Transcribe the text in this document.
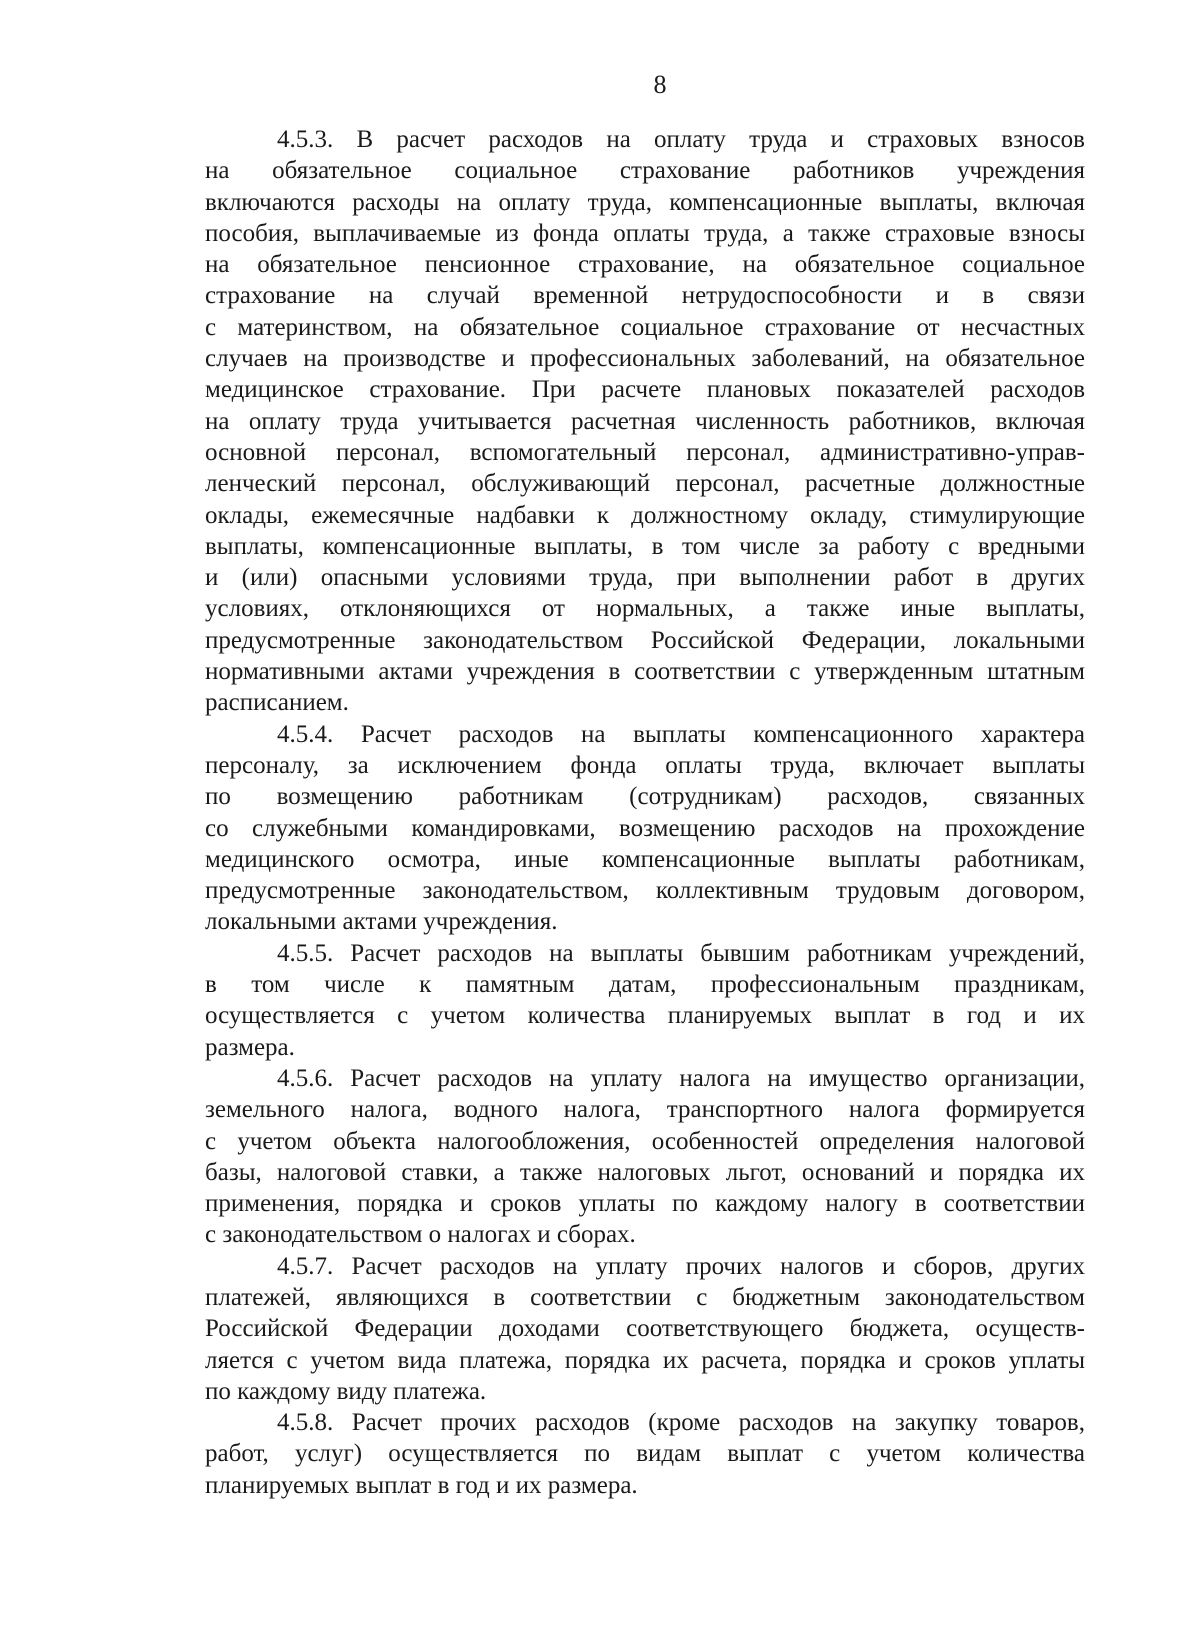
8
4.5.3. В расчет расходов на оплату труда и страховых взносов
на обязательное социальное страхование работников учреждения
включаются расходы на оплату труда, компенсационные выплаты, включая
пособия, выплачиваемые из фонда оплаты труда, а также страховые взносы
на обязательное пенсионное страхование, на обязательное социальное
страхование на случай временной нетрудоспособности и в связи
с материнством, на обязательное социальное страхование от несчастных
случаев на производстве и профессиональных заболеваний, на обязательное
медицинское страхование. При расчете плановых показателей расходов
на оплату труда учитывается расчетная численность работников, включая
основной персонал, вспомогательный персонал, административно-управ-
ленческий персонал, обслуживающий персонал, расчетные должностные
оклады, ежемесячные надбавки к должностному окладу, стимулирующие
выплаты, компенсационные выплаты, в том числе за работу с вредными
и (или) опасными условиями труда, при выполнении работ в других
условиях, отклоняющихся от нормальных, а также иные выплаты,
предусмотренные законодательством Российской Федерации, локальными
нормативными актами учреждения в соответствии с утвержденным штатным
расписанием.
4.5.4. Расчет расходов на выплаты компенсационного характера
персоналу, за исключением фонда оплаты труда, включает выплаты
по возмещению работникам (сотрудникам) расходов, связанных
со служебными командировками, возмещению расходов на прохождение
медицинского осмотра, иные компенсационные выплаты работникам,
предусмотренные законодательством, коллективным трудовым договором,
локальными актами учреждения.
4.5.5. Расчет расходов на выплаты бывшим работникам учреждений,
в том числе к памятным датам, профессиональным праздникам,
осуществляется с учетом количества планируемых выплат в год и их
размера.
4.5.6. Расчет расходов на уплату налога на имущество организации,
земельного налога, водного налога, транспортного налога формируется
с учетом объекта налогообложения, особенностей определения налоговой
базы, налоговой ставки, а также налоговых льгот, оснований и порядка их
применения, порядка и сроков уплаты по каждому налогу в соответствии
с законодательством о налогах и сборах.
4.5.7. Расчет расходов на уплату прочих налогов и сборов, других
платежей, являющихся в соответствии с бюджетным законодательством
Российской Федерации доходами соответствующего бюджета, осуществ-
ляется с учетом вида платежа, порядка их расчета, порядка и сроков уплаты
по каждому виду платежа.
4.5.8. Расчет прочих расходов (кроме расходов на закупку товаров,
работ, услуг) осуществляется по видам выплат с учетом количества
планируемых выплат в год и их размера.
